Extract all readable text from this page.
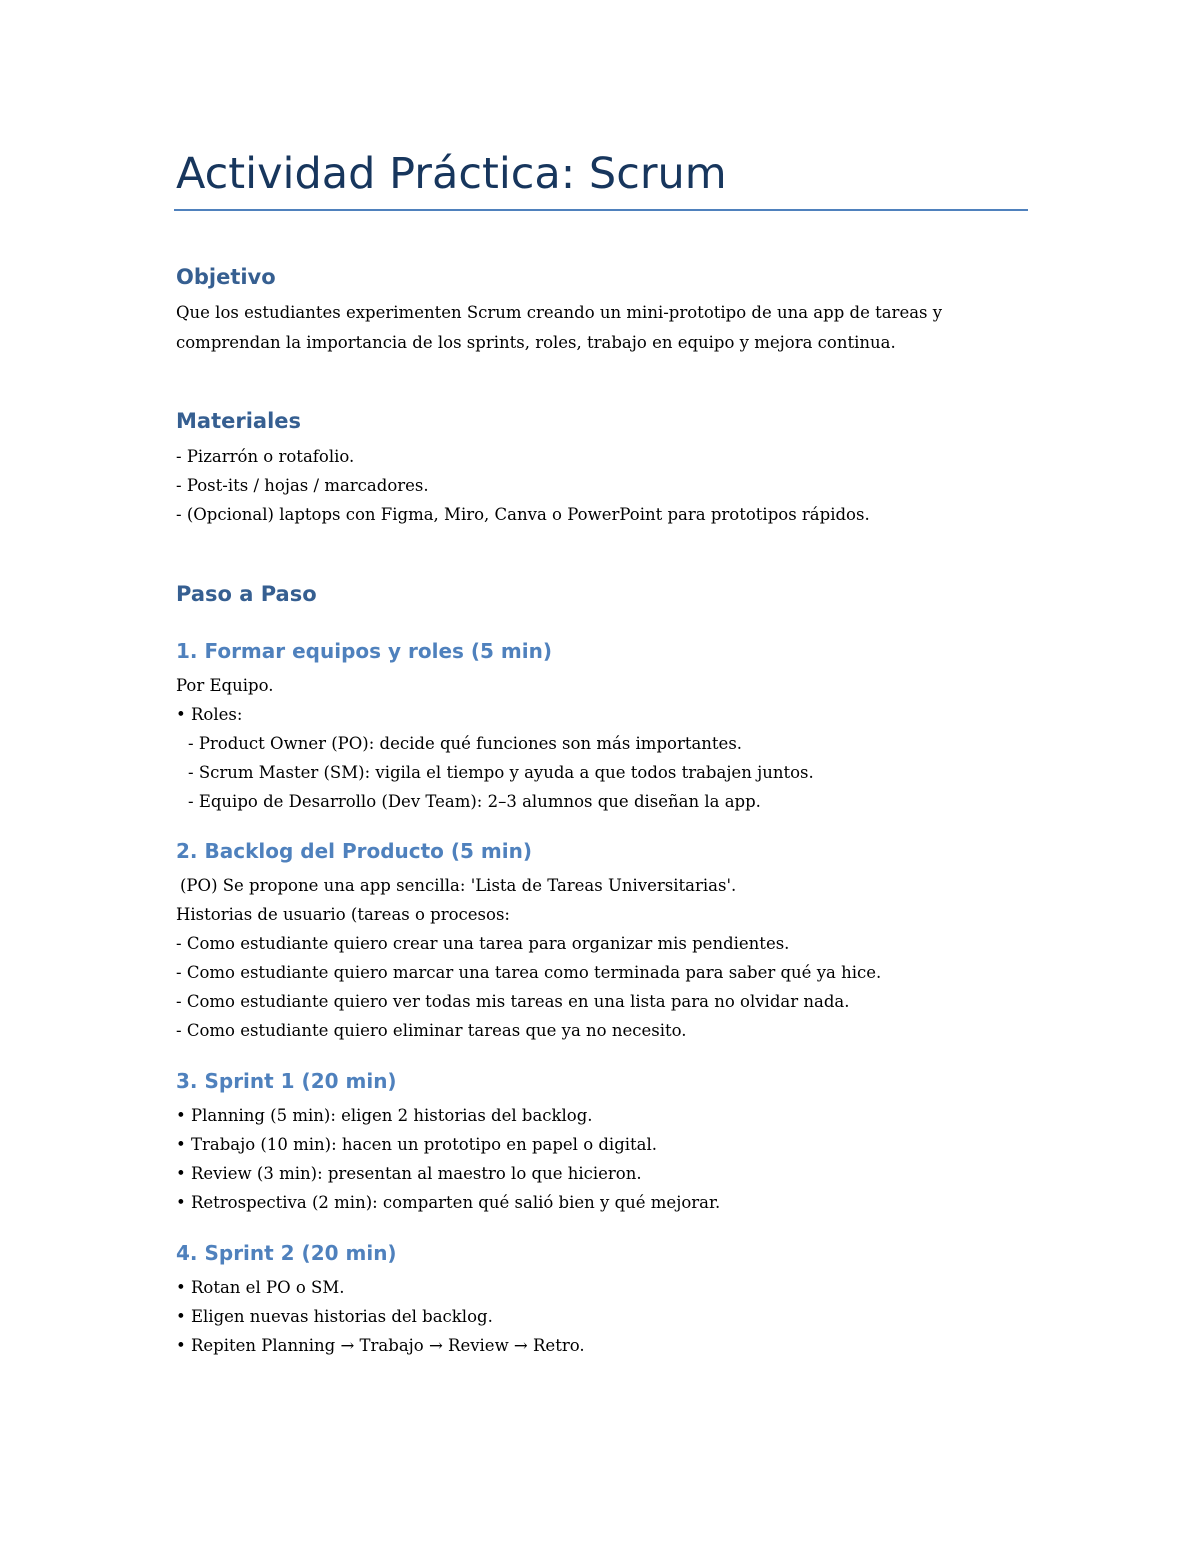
Actividad Práctica: Scrum
Objetivo
Que los estudiantes experimenten Scrum creando un mini-prototipo de una app de tareas y
comprendan la importancia de los sprints, roles, trabajo en equipo y mejora continua.
Materiales
- Pizarrón o rotafolio.
- Post-its / hojas / marcadores.
- (Opcional) laptops con Figma, Miro, Canva o PowerPoint para prototipos rápidos.
Paso a Paso
1. Formar equipos y roles (5 min)
Por Equipo.
• Roles:
- Product Owner (PO): decide qué funciones son más importantes.
- Scrum Master (SM): vigila el tiempo y ayuda a que todos trabajen juntos.
- Equipo de Desarrollo (Dev Team): 2–3 alumnos que diseñan la app.
2. Backlog del Producto (5 min)
(PO) Se propone una app sencilla: 'Lista de Tareas Universitarias'.
Historias de usuario (tareas o procesos:
- Como estudiante quiero crear una tarea para organizar mis pendientes.
- Como estudiante quiero marcar una tarea como terminada para saber qué ya hice.
- Como estudiante quiero ver todas mis tareas en una lista para no olvidar nada.
- Como estudiante quiero eliminar tareas que ya no necesito.
3. Sprint 1 (20 min)
• Planning (5 min): eligen 2 historias del backlog.
• Trabajo (10 min): hacen un prototipo en papel o digital.
• Review (3 min): presentan al maestro lo que hicieron.
• Retrospectiva (2 min): comparten qué salió bien y qué mejorar.
4. Sprint 2 (20 min)
• Rotan el PO o SM.
• Eligen nuevas historias del backlog.
• Repiten Planning → Trabajo → Review → Retro.
